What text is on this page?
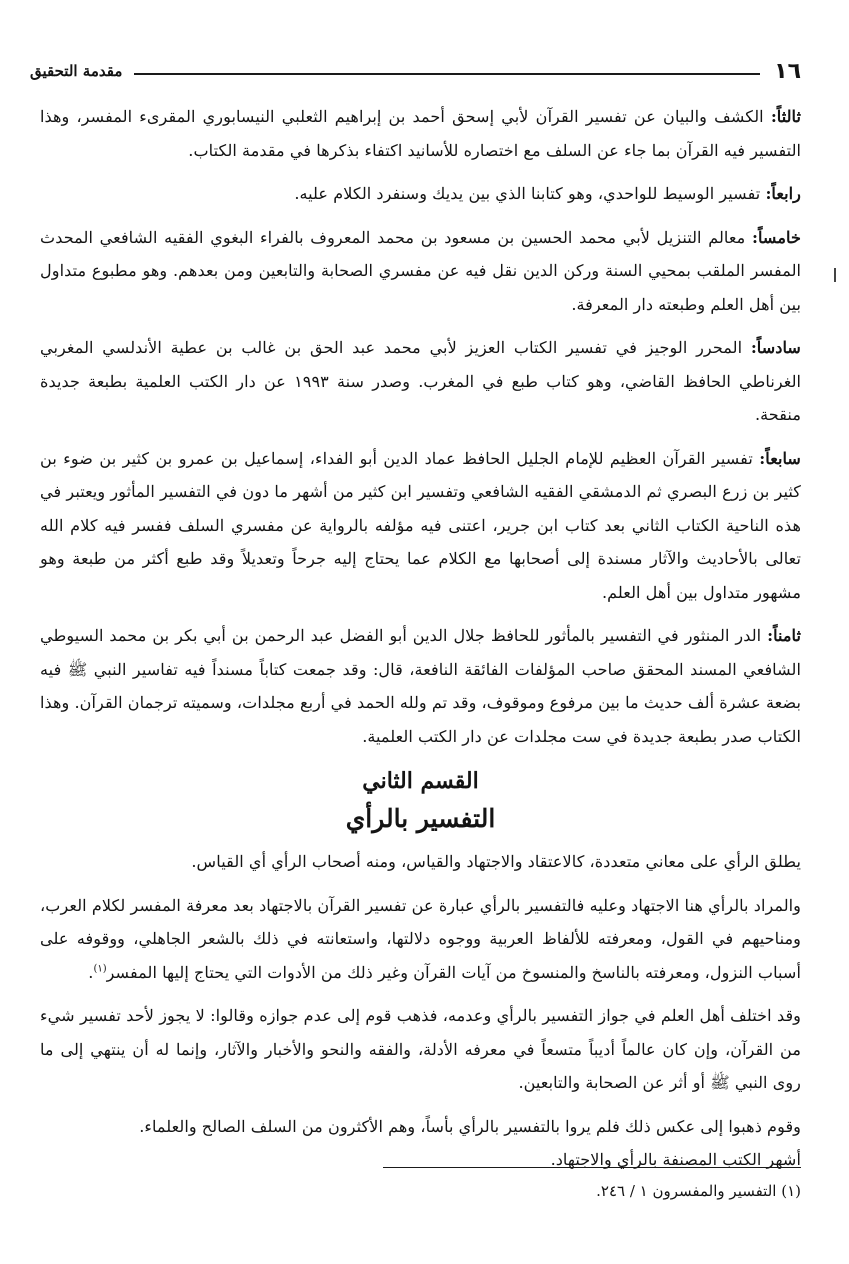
١٦
مقدمة التحقيق

ثالثاً: الكشف والبيان عن تفسير القرآن لأبي إسحق أحمد بن إبراهيم الثعلبي النيسابوري المقرىء المفسر، وهذا التفسير فيه القرآن بما جاء عن السلف مع اختصاره للأسانيد اكتفاء بذكرها في مقدمة الكتاب.

رابعاً: تفسير الوسيط للواحدي، وهو كتابنا الذي بين يديك وسنفرد الكلام عليه.

خامساً: معالم التنزيل لأبي محمد الحسين بن مسعود بن محمد المعروف بالفراء البغوي الفقيه الشافعي المحدث المفسر الملقب بمحيي السنة وركن الدين نقل فيه عن مفسري الصحابة والتابعين ومن بعدهم. وهو مطبوع متداول بين أهل العلم وطبعته دار المعرفة.

سادساً: المحرر الوجيز في تفسير الكتاب العزيز لأبي محمد عبد الحق بن غالب بن عطية الأندلسي المغربي الغرناطي الحافظ القاضي، وهو كتاب طبع في المغرب. وصدر سنة ١٩٩٣ عن دار الكتب العلمية بطبعة جديدة منقحة.

سابعاً: تفسير القرآن العظيم للإمام الجليل الحافظ عماد الدين أبو الفداء، إسماعيل بن عمرو بن كثير بن ضوء بن كثير بن زرع البصري ثم الدمشقي الفقيه الشافعي وتفسير ابن كثير من أشهر ما دون في التفسير المأثور ويعتبر في هذه الناحية الكتاب الثاني بعد كتاب ابن جرير، اعتنى فيه مؤلفه بالرواية عن مفسري السلف ففسر فيه كلام الله تعالى بالأحاديث والآثار مسندة إلى أصحابها مع الكلام عما يحتاج إليه جرحاً وتعديلاً وقد طبع أكثر من طبعة وهو مشهور متداول بين أهل العلم.

ثامناً: الدر المنثور في التفسير بالمأثور للحافظ جلال الدين أبو الفضل عبد الرحمن بن أبي بكر بن محمد السيوطي الشافعي المسند المحقق صاحب المؤلفات الفائقة النافعة، قال: وقد جمعت كتاباً مسنداً فيه تفاسير النبي ﷺ فيه بضعة عشرة ألف حديث ما بين مرفوع وموقوف، وقد تم ولله الحمد في أربع مجلدات، وسميته ترجمان القرآن. وهذا الكتاب صدر بطبعة جديدة في ست مجلدات عن دار الكتب العلمية.

القسم الثاني
التفسير بالرأي

يطلق الرأي على معاني متعددة، كالاعتقاد والاجتهاد والقياس، ومنه أصحاب الرأي أي القياس.

والمراد بالرأي هنا الاجتهاد وعليه فالتفسير بالرأي عبارة عن تفسير القرآن بالاجتهاد بعد معرفة المفسر لكلام العرب، ومناحيهم في القول، ومعرفته للألفاظ العربية ووجوه دلالتها، واستعانته في ذلك بالشعر الجاهلي، ووقوفه على أسباب النزول، ومعرفته بالناسخ والمنسوخ من آيات القرآن وغير ذلك من الأدوات التي يحتاج إليها المفسر$^{(١)}$.

وقد اختلف أهل العلم في جواز التفسير بالرأي وعدمه، فذهب قوم إلى عدم جوازه وقالوا: لا يجوز لأحد تفسير شيء من القرآن، وإن كان عالماً أديباً متسعاً في معرفه الأدلة، والفقه والنحو والأخبار والآثار، وإنما له أن ينتهي إلى ما روى النبي ﷺ أو أثر عن الصحابة والتابعين.

وقوم ذهبوا إلى عكس ذلك فلم يروا بالتفسير بالرأي بأساً، وهم الأكثرون من السلف الصالح والعلماء.

أشهر الكتب المصنفة بالرأي والاجتهاد.

(١) التفسير والمفسرون ١ / ٢٤٦.
